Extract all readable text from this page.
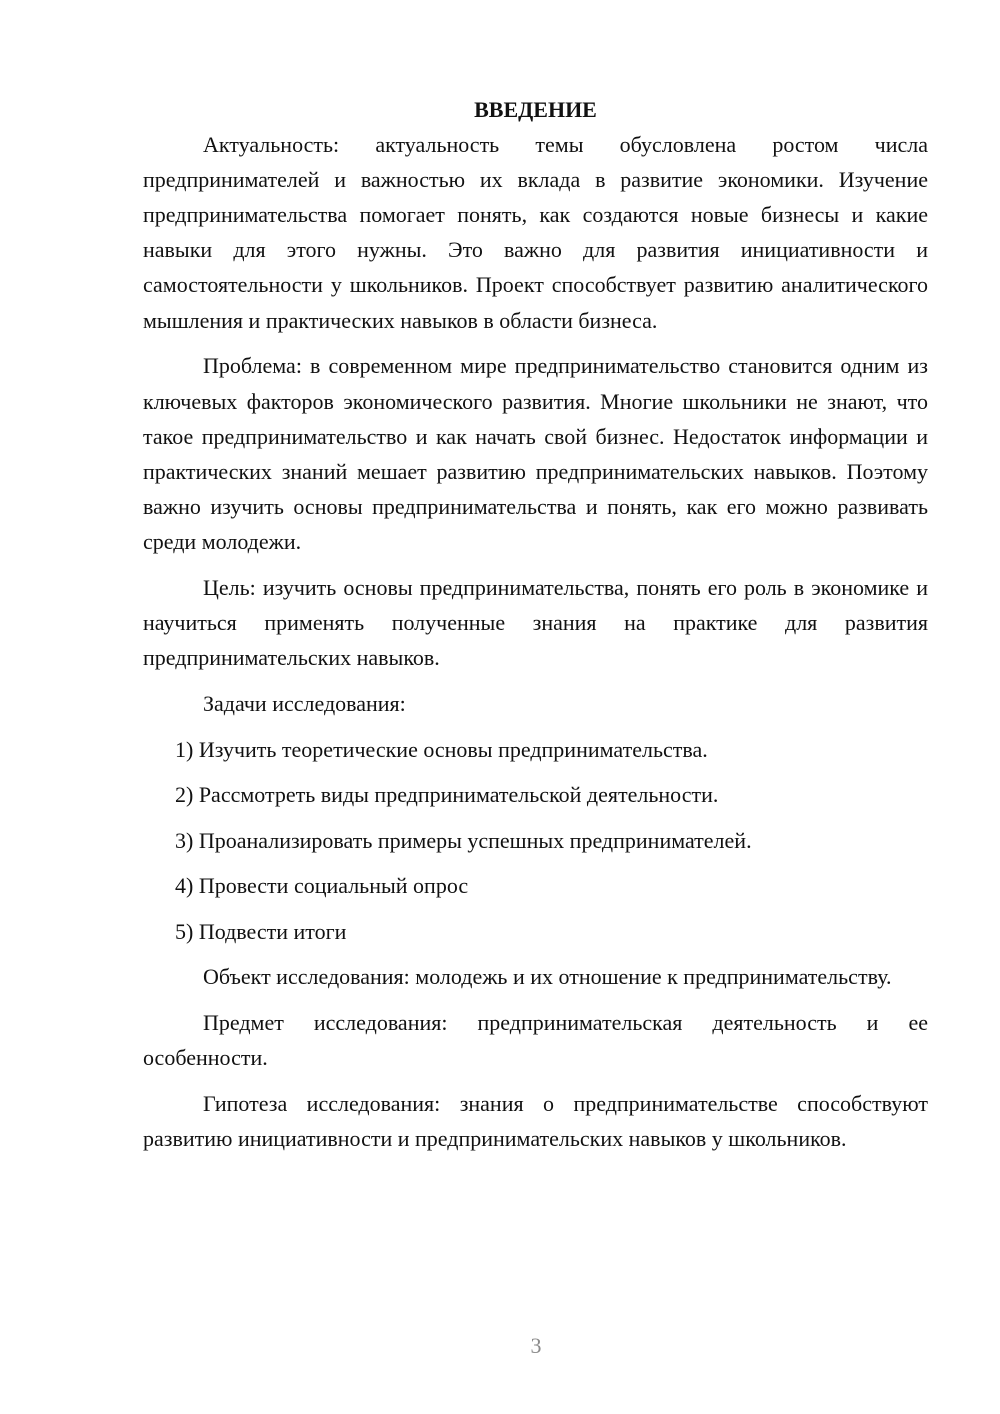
ВВЕДЕНИЕ

Актуальность: актуальность темы обусловлена ростом числа предпринимателей и важностью их вклада в развитие экономики. Изучение предпринимательства помогает понять, как создаются новые бизнесы и какие навыки для этого нужны. Это важно для развития инициативности и самостоятельности у школьников. Проект способствует развитию аналитического мышления и практических навыков в области бизнеса.

Проблема: в современном мире предпринимательство становится одним из ключевых факторов экономического развития. Многие школьники не знают, что такое предпринимательство и как начать свой бизнес. Недостаток информации и практических знаний мешает развитию предпринимательских навыков. Поэтому важно изучить основы предпринимательства и понять, как его можно развивать среди молодежи.

Цель: изучить основы предпринимательства, понять его роль в экономике и научиться применять полученные знания на практике для развития предпринимательских навыков.

Задачи исследования:
1) Изучить теоретические основы предпринимательства.
2) Рассмотреть виды предпринимательской деятельности.
3) Проанализировать примеры успешных предпринимателей.
4) Провести социальный опрос
5) Подвести итоги

Объект исследования: молодежь и их отношение к предпринимательству.

Предмет исследования: предпринимательская деятельность и ее особенности.

Гипотеза исследования: знания о предпринимательстве способствуют развитию инициативности и предпринимательских навыков у школьников.

3
